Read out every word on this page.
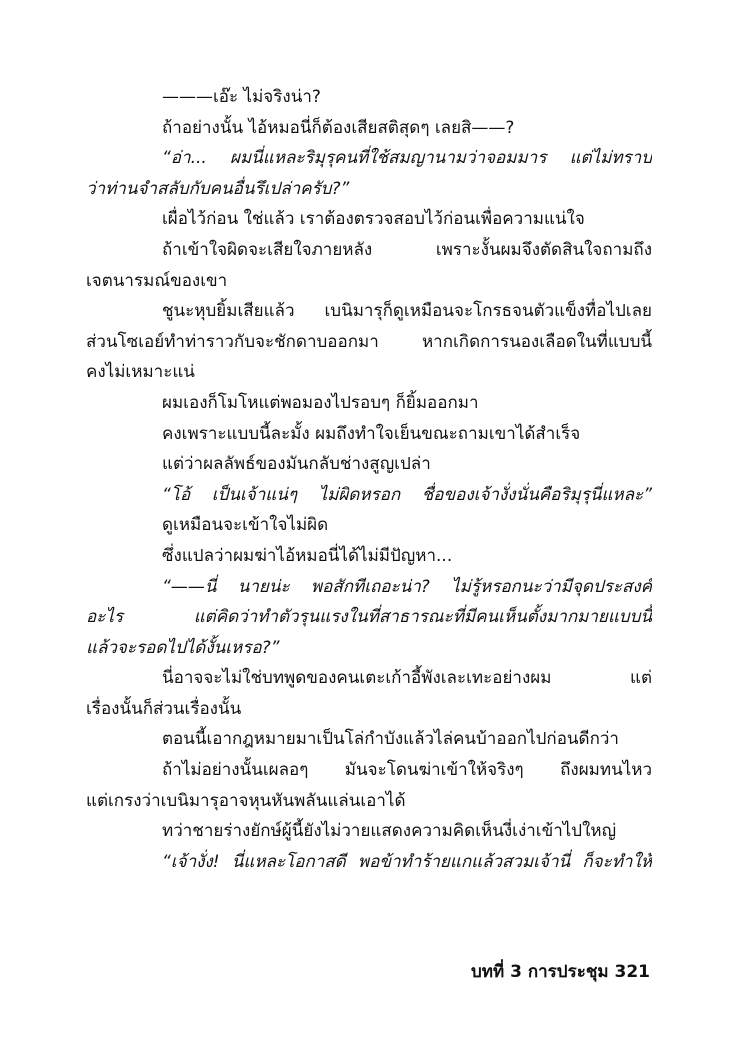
———เอ๊ะ ไม่จริงน่า?
ถ้าอย่างนั้น ไอ้หมอนี่ก็ต้องเสียสติสุดๆ เลยสิ——?
“อ่า... ผมนี่แหละริมุรุคนที่ใช้สมญานามว่าจอมมาร แต่ไม่ทราบ
ว่าท่านจำสลับกับคนอื่นรึเปล่าครับ?”
เผื่อไว้ก่อน ใช่แล้ว เราต้องตรวจสอบไว้ก่อนเพื่อความแน่ใจ
ถ้าเข้าใจผิดจะเสียใจภายหลัง เพราะงั้นผมจึงตัดสินใจถามถึง
เจตนารมณ์ของเขา
ชูนะหุบยิ้มเสียแล้ว เบนิมารุก็ดูเหมือนจะโกรธจนตัวแข็งทื่อไปเลย
ส่วนโซเอย์ทำท่าราวกับจะชักดาบออกมา หากเกิดการนองเลือดในที่แบบนี้
คงไม่เหมาะแน่
ผมเองก็โมโหแต่พอมองไปรอบๆ ก็ยิ้มออกมา
คงเพราะแบบนี้ละมั้ง ผมถึงทำใจเย็นขณะถามเขาได้สำเร็จ
แต่ว่าผลลัพธ์ของมันกลับช่างสูญเปล่า
“โอ้ เป็นเจ้าแน่ๆ ไม่ผิดหรอก ชื่อของเจ้างั่งนั่นคือริมุรุนี่แหละ”
ดูเหมือนจะเข้าใจไม่ผิด
ซึ่งแปลว่าผมฆ่าไอ้หมอนี่ได้ไม่มีปัญหา...
“——นี่ นายน่ะ พอสักทีเถอะน่า? ไม่รู้หรอกนะว่ามีจุดประสงค์
อะไร แต่คิดว่าทำตัวรุนแรงในที่สาธารณะที่มีคนเห็นตั้งมากมายแบบนี้
แล้วจะรอดไปได้งั้นเหรอ?”
นี่อาจจะไม่ใช่บทพูดของคนเตะเก้าอี้พังเละเทะอย่างผม แต่
เรื่องนั้นก็ส่วนเรื่องนั้น
ตอนนี้เอากฎหมายมาเป็นโล่กำบังแล้วไล่คนบ้าออกไปก่อนดีกว่า
ถ้าไม่อย่างนั้นเผลอๆ มันจะโดนฆ่าเข้าให้จริงๆ ถึงผมทนไหว
แต่เกรงว่าเบนิมารุอาจหุนหันพลันแล่นเอาได้
ทว่าชายร่างยักษ์ผู้นี้ยังไม่วายแสดงความคิดเห็นงี่เง่าเข้าไปใหญ่
“เจ้างั่ง! นี่แหละโอกาสดี พอข้าทำร้ายแกแล้วสวมเจ้านี่ ก็จะทำให้
บทที่ 3 การประชุม 321
